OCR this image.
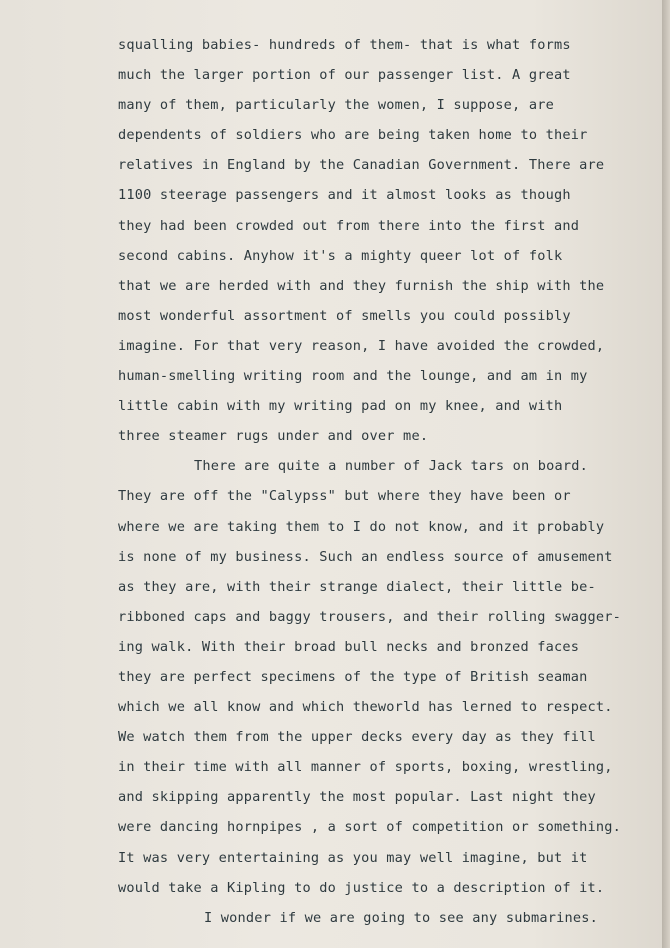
squalling babies- hundreds of them- that is what forms
much the larger portion of our passenger list. A great
many of them, particularly the women, I suppose, are
dependents of soldiers who are being taken home to their
relatives in England by the Canadian Government. There are
1100 steerage passengers and it almost looks as though
they had been crowded out from there into the first and
second cabins. Anyhow it's a mighty queer lot of folk
that we are herded with and they furnish the ship with the
most wonderful assortment of smells you could possibly
imagine. For that very reason, I have avoided the crowded,
human-smelling writing room and the lounge, and am in my
little cabin with my writing pad on my knee, and with
three steamer rugs under and over me.
There are quite a number of Jack tars on board.
They are off the "Calypss" but where they have been or
where we are taking them to I do not know, and it probably
is none of my business. Such an endless source of amusement
as they are, with their strange dialect, their little be-
ribboned caps and baggy trousers, and their rolling swagger-
ing walk. With their broad bull necks and bronzed faces
they are perfect specimens of the type of British seaman
which we all know and which theworld has lerned to respect.
We watch them from the upper decks every day as they fill
in their time with all manner of sports, boxing, wrestling,
and skipping apparently the most popular. Last night they
were dancing hornpipes , a sort of competition or something.
It was very entertaining as you may well imagine, but it
would take a Kipling to do justice to a description of it.
I wonder if we are going to see any submarines.
